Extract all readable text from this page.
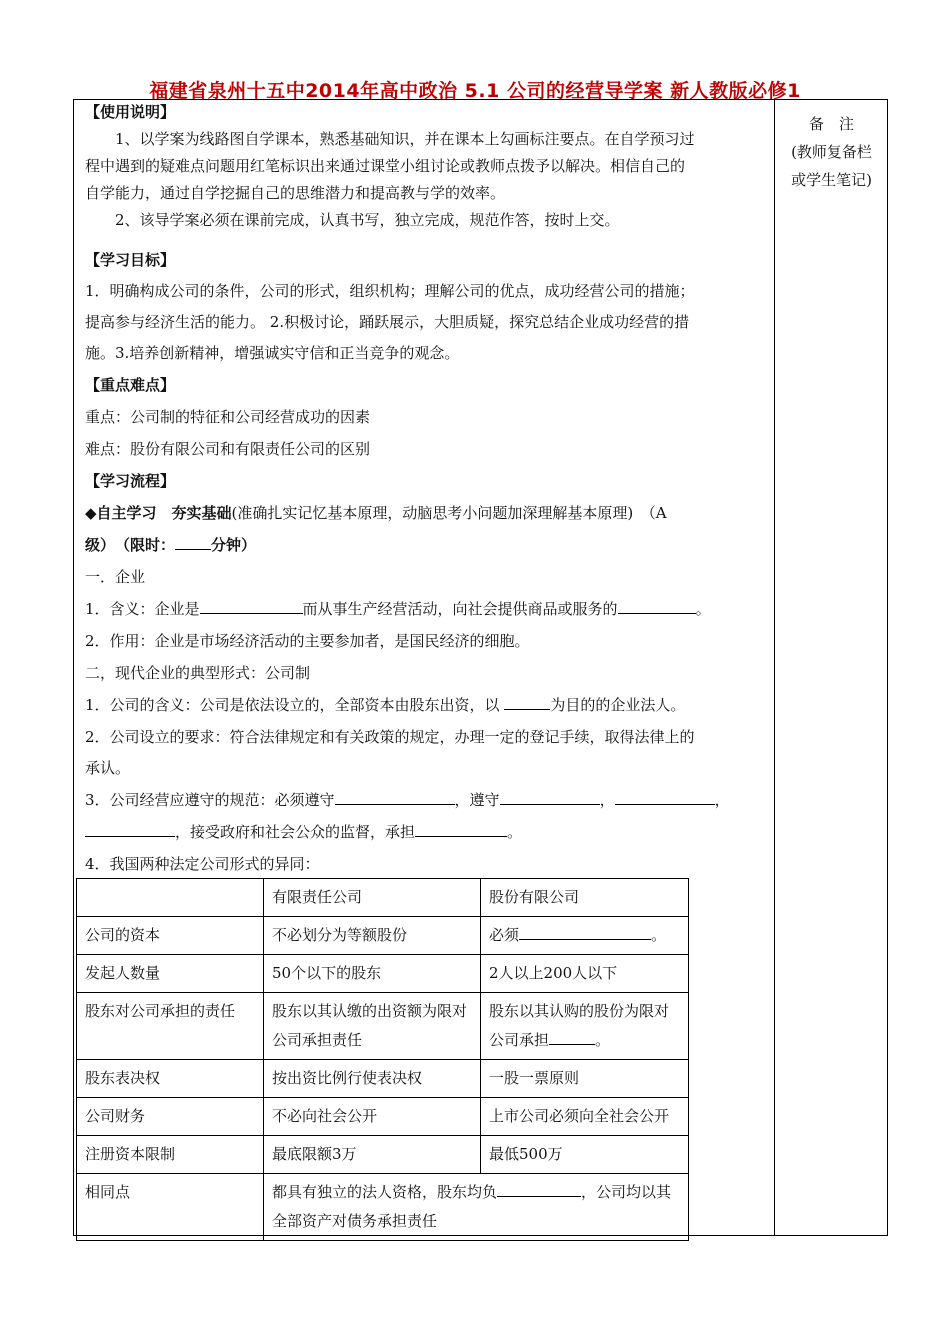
福建省泉州十五中2014年高中政治 5.1 公司的经营导学案 新人教版必修1
备　注
(教师复备栏
或学生笔记)
【使用说明】
1、以学案为线路图自学课本，熟悉基础知识，并在课本上勾画标注要点。在自学预习过
程中遇到的疑难点问题用红笔标识出来通过课堂小组讨论或教师点拨予以解决。相信自己的
自学能力，通过自学挖掘自己的思维潜力和提高教与学的效率。
2、该导学案必须在课前完成，认真书写，独立完成，规范作答，按时上交。
【学习目标】
1．明确构成公司的条件，公司的形式，组织机构；理解公司的优点，成功经营公司的措施；
提高参与经济生活的能力。 2.积极讨论，踊跃展示，大胆质疑，探究总结企业成功经营的措
施。3.培养创新精神，增强诚实守信和正当竞争的观念。
【重点难点】
重点：公司制的特征和公司经营成功的因素
难点：股份有限公司和有限责任公司的区别
【学习流程】
◆自主学习　夯实基础(准确扎实记忆基本原理，动脑思考小问题加深理解基本原理)　（A
级）　（限时： 分钟）
一．企业
1．含义：企业是	而从事生产经营活动，向社会提供商品或服务的	。
2．作用：企业是市场经济活动的主要参加者，是国民经济的细胞。
二，现代企业的典型形式：公司制
1．公司的含义：公司是依法设立的，全部资本由股东出资，以	为目的的企业法人。
2．公司设立的要求：符合法律规定和有关政策的规定，办理一定的登记手续，取得法律上的
承认。
3．公司经营应遵守的规范：必须遵守	，遵守	，	，
，接受政府和社会公众的监督，承担	。
4．我国两种法定公司形式的异同：
	有限责任公司	股份有限公司
公司的资本	不必划分为等额股份	必须 。
发起人数量	50个以下的股东	2人以上200人以下
股东对公司承担的责任	股东以其认缴的出资额为限对公司承担责任	股东以其认购的股份为限对公司承担 。
股东表决权	按出资比例行使表决权	一股一票原则
公司财务	不必向社会公开	上市公司必须向全社会公开
注册资本限制	最底限额3万	最低500万
相同点	都具有独立的法人资格，股东均负 ，公司均以其全部资产对债务承担责任	
